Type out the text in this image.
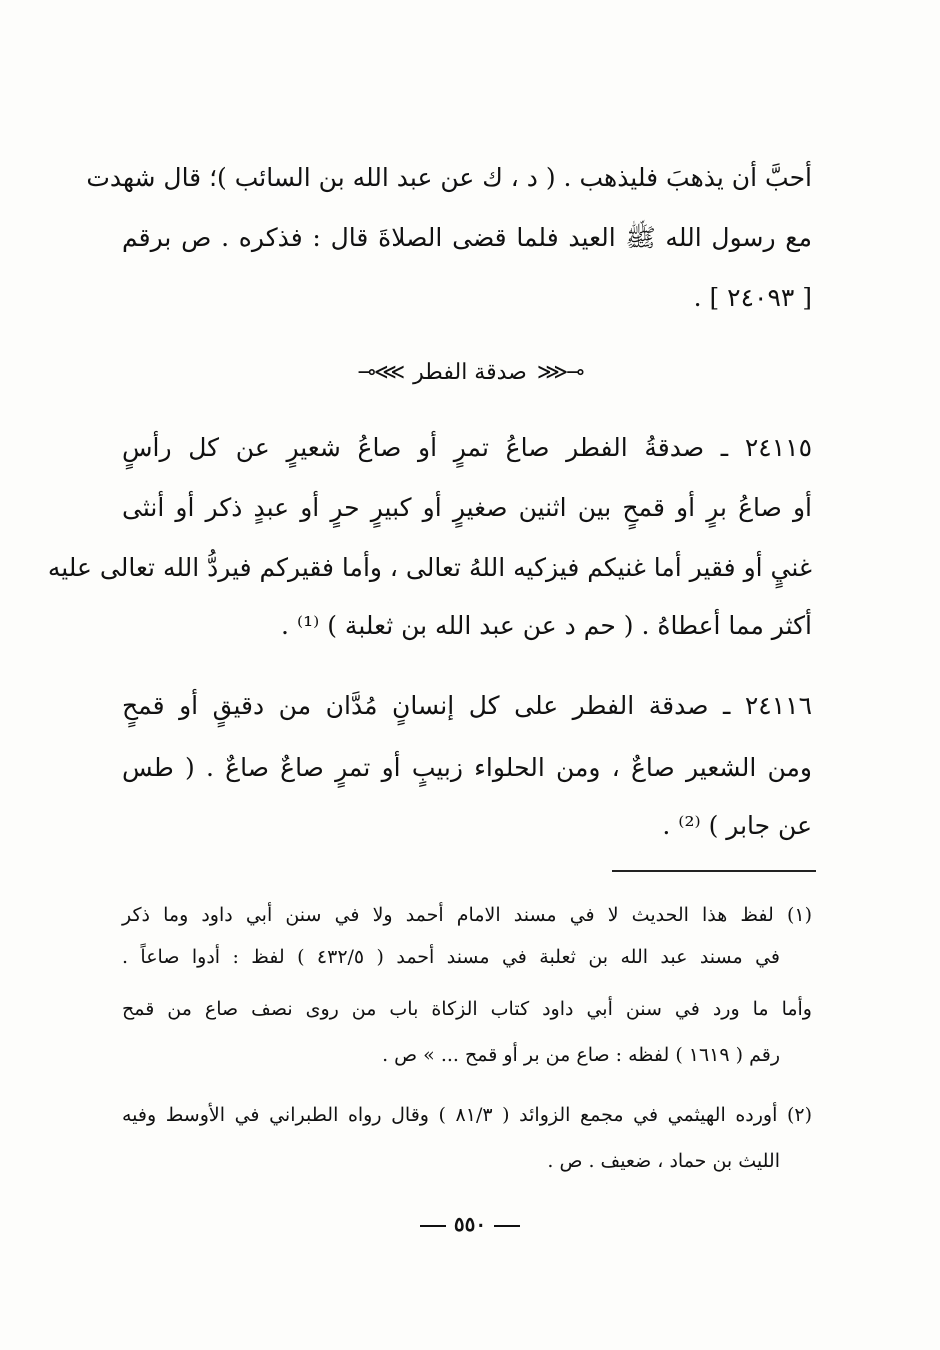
أحبَّ أن يذهبَ فليذهب . ( د ، ك عن عبد الله بن السائب )؛ قال شهدت
مع رسول الله ﷺ العيد فلما قضى الصلاةَ قال : فذكره . ص برقم
[ ٢٤٠٩٣ ] .
⊸⋘
صدقة الفطر
⋙⟜
٢٤١١٥ ـ صدقةُ الفطر صاعُ تمرٍ أو صاعُ شعيرٍ عن كل رأسٍ
أو صاعُ برٍ أو قمحٍ بين اثنين صغيرٍ أو كبيرٍ حرٍ أو عبدٍ ذكر أو أنثى
غنيٍ أو فقير أما غنيكم فيزكيه اللهُ تعالى ، وأما فقيركم فيردُّ الله تعالى عليه
أكثر مما أعطاهُ . ( حم د عن عبد الله بن ثعلبة ) ⁽¹⁾ .
٢٤١١٦ ـ صدقة الفطر على كل إنسانٍ مُدَّان من دقيقٍ أو قمحٍ
ومن الشعير صاعٌ ، ومن الحلواء زبيبٍ أو تمرٍ صاعٌ صاعٌ . ( طس
عن جابر ) ⁽²⁾ .
(١) لفظ هذا الحديث لا في مسند الامام أحمد ولا في سنن أبي داود وما ذكر
في مسند عبد الله بن ثعلبة في مسند أحمد ( ٤٣٢/٥ ) لفظ : أدوا صاعاً .
وأما ما ورد في سنن أبي داود كتاب الزكاة باب من روى نصف صاع من قمح
رقم ( ١٦١٩ ) لفظه : صاع من بر أو قمح ... » ص .
(٢) أورده الهيثمي في مجمع الزوائد ( ٨١/٣ ) وقال رواه الطبراني في الأوسط وفيه
الليث بن حماد ، ضعيف . ص .
٥٥٠
